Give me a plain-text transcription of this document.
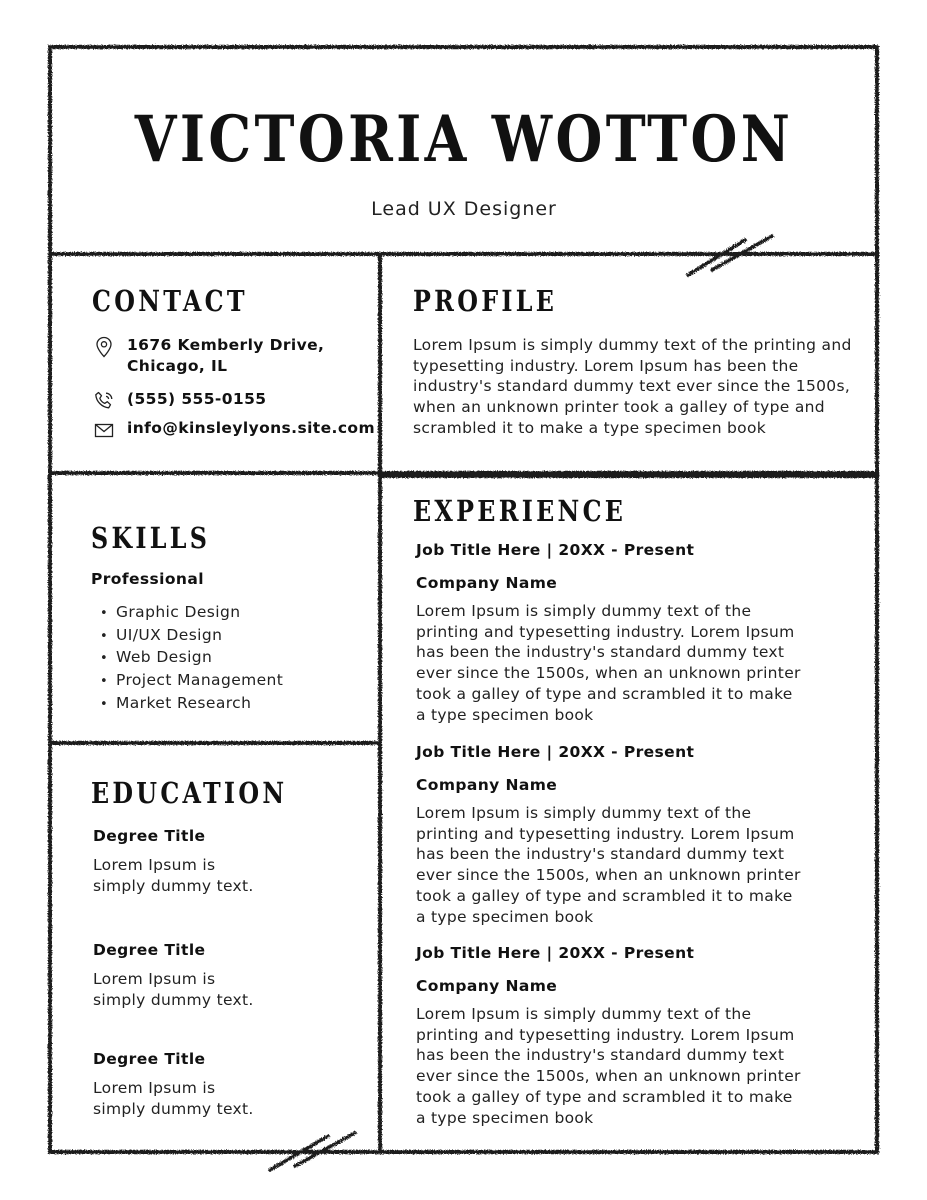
VICTORIA WOTTON
Lead UX Designer
CONTACT
1676 Kemberly Drive,
Chicago, IL
(555) 555-0155
info@kinsleylyons.site.com
PROFILE
Lorem Ipsum is simply dummy text of the printing and typesetting industry. Lorem Ipsum has been the industry's standard dummy text ever since the 1500s, when an unknown printer took a galley of type and scrambled it to make a type specimen book
SKILLS
Professional
• Graphic Design
• UI/UX Design
• Web Design
• Project Management
• Market Research
EDUCATION
Degree Title
Lorem Ipsum is simply dummy text.
Degree Title
Lorem Ipsum is simply dummy text.
Degree Title
Lorem Ipsum is simply dummy text.
EXPERIENCE
Job Title Here | 20XX - Present
Company Name
Lorem Ipsum is simply dummy text of the printing and typesetting industry. Lorem Ipsum has been the industry's standard dummy text ever since the 1500s, when an unknown printer took a galley of type and scrambled it to make a type specimen book
Job Title Here | 20XX - Present
Company Name
Lorem Ipsum is simply dummy text of the printing and typesetting industry. Lorem Ipsum has been the industry's standard dummy text ever since the 1500s, when an unknown printer took a galley of type and scrambled it to make a type specimen book
Job Title Here | 20XX - Present
Company Name
Lorem Ipsum is simply dummy text of the printing and typesetting industry. Lorem Ipsum has been the industry's standard dummy text ever since the 1500s, when an unknown printer took a galley of type and scrambled it to make a type specimen book
